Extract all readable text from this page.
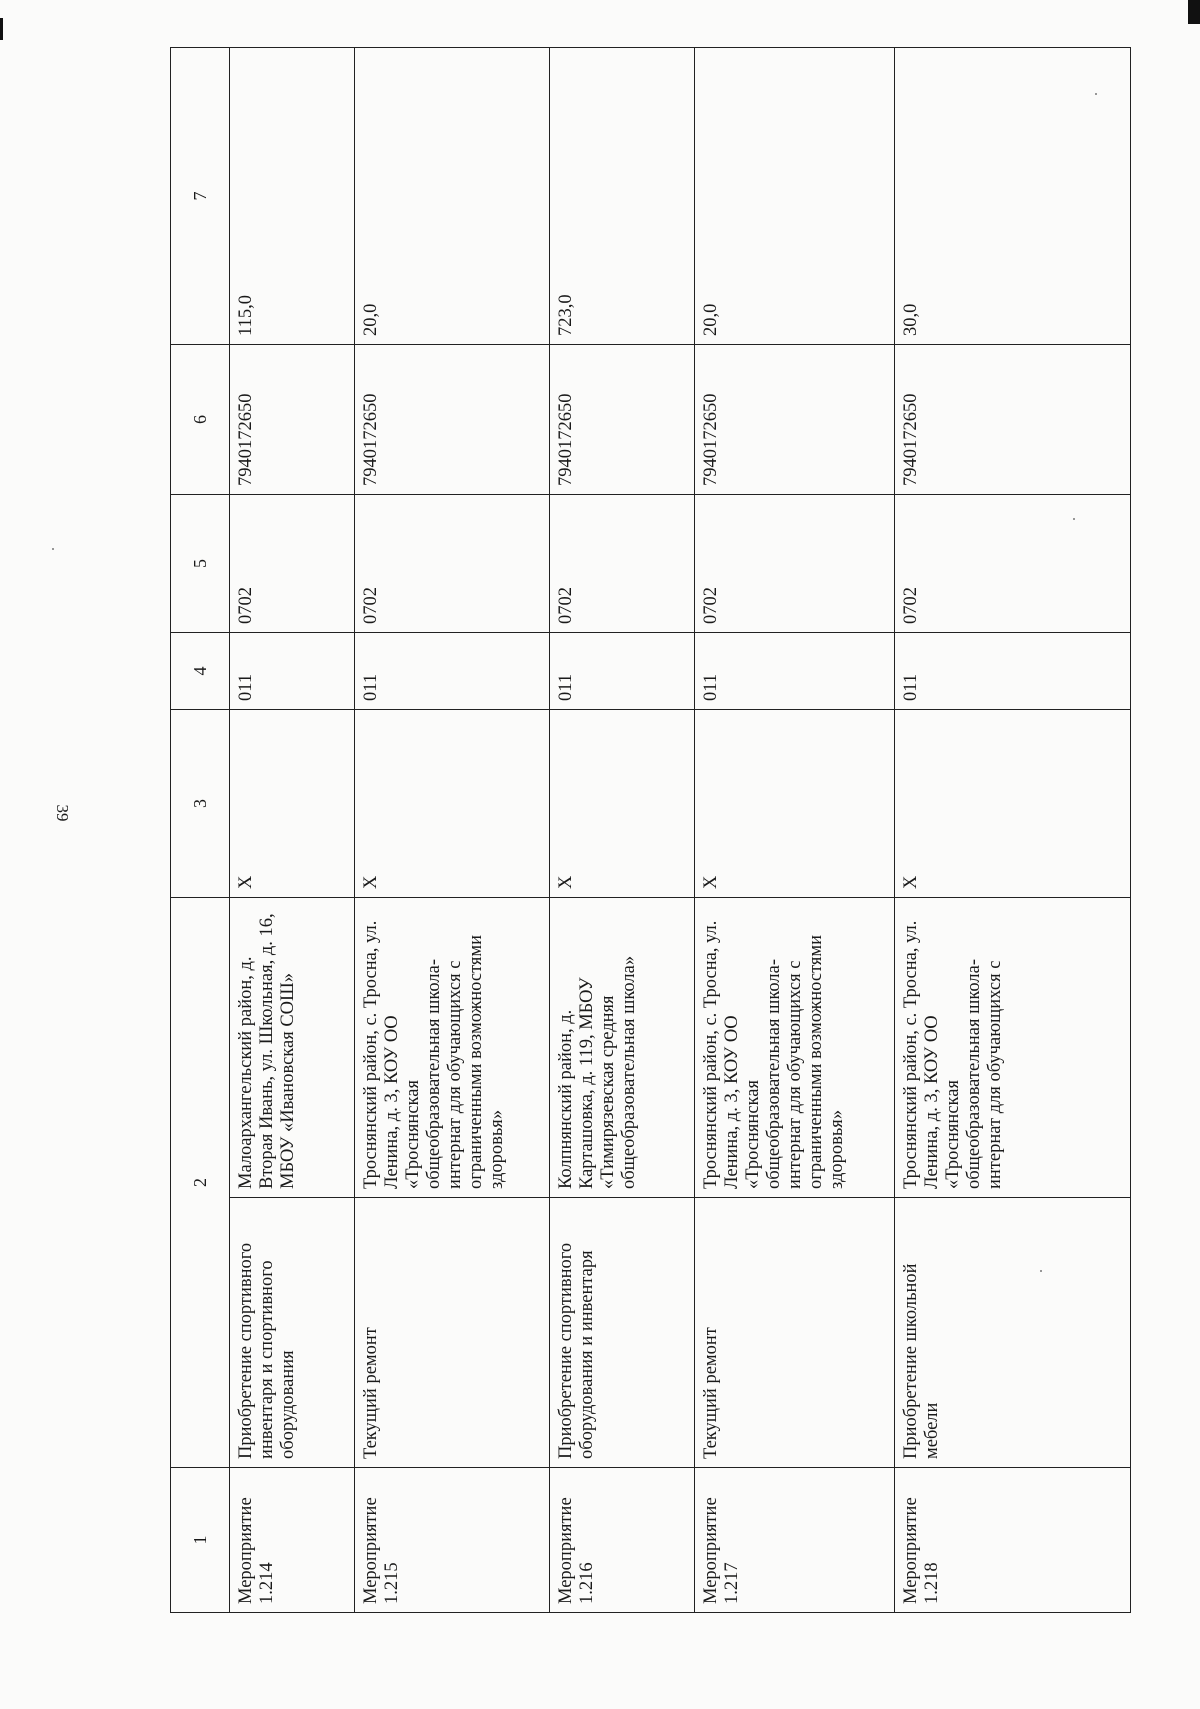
39
1	2		3	4	5	6	7
Мероприятие 1.214	Приобретение спортивного инвентаря и спортивного оборудования	Малоархангельский район, д. Вторая Ивань, ул. Школьная, д. 16, МБОУ «Ивановская СОШ»	X	011	0702	7940172650	115,0
Мероприятие 1.215	Текущий ремонт	Троснянский район, с. Тросна, ул. Ленина, д. 3, КОУ ОО «Троснянская общеобразовательная школа-интернат для обучающихся с ограниченными возможностями здоровья»	X	011	0702	7940172650	20,0
Мероприятие 1.216	Приобретение спортивного оборудования и инвентаря	Колпнянский район, д. Карташовка, д. 119, МБОУ «Тимирязевская средняя общеобразовательная школа»	X	011	0702	7940172650	723,0
Мероприятие 1.217	Текущий ремонт	Троснянский район, с. Тросна, ул. Ленина, д. 3, КОУ ОО «Троснянская общеобразовательная школа-интернат для обучающихся с ограниченными возможностями здоровья»	X	011	0702	7940172650	20,0
Мероприятие 1.218	Приобретение школьной мебели	Троснянский район, с. Тросна, ул. Ленина, д. 3, КОУ ОО «Троснянская общеобразовательная школа-интернат для обучающихся с	X	011	0702	7940172650	30,0
